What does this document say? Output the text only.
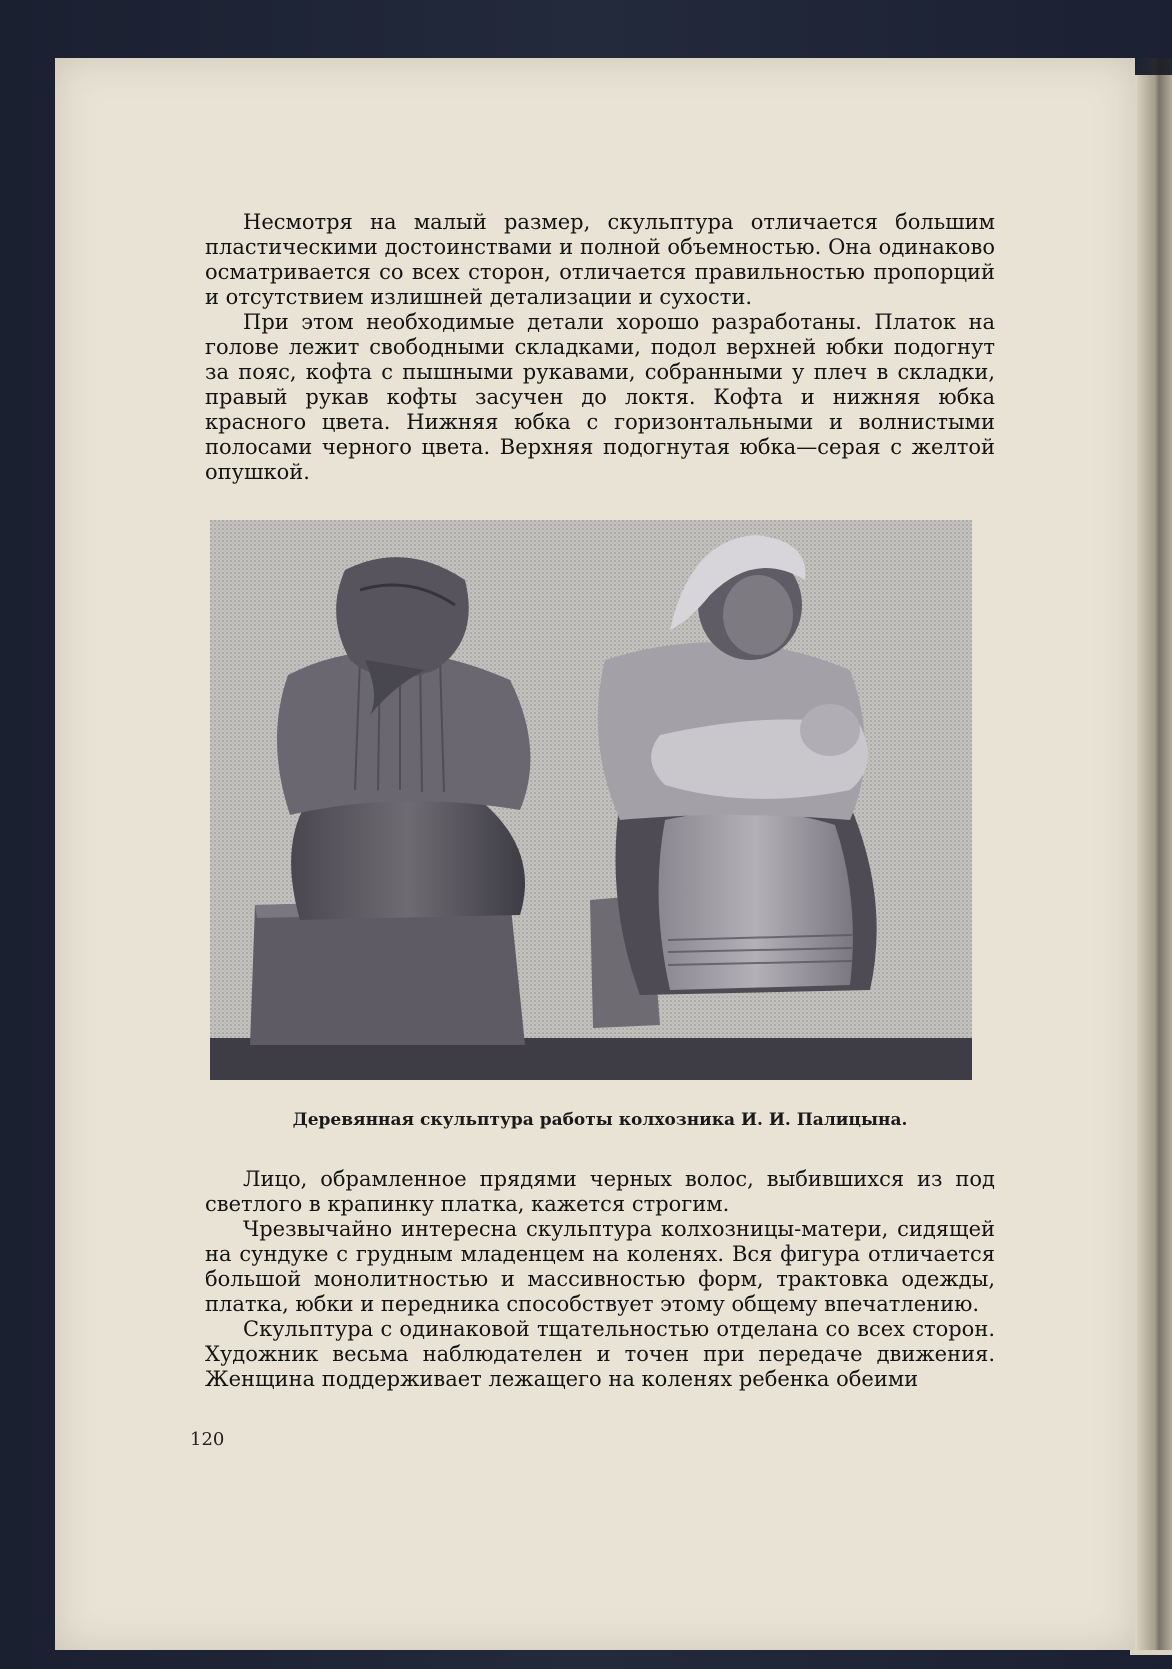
Несмотря на малый размер, скульптура отличается большим пластическими достоинствами и полной объемностью. Она одинаково осматривается со всех сторон, отличается правильностью пропорций и отсутствием излишней детализации и сухости.

При этом необходимые детали хорошо разработаны. Платок на голове лежит свободными складками, подол верхней юбки подогнут за пояс, кофта с пышными рукавами, собранными у плеч в складки, правый рукав кофты засучен до локтя. Кофта и нижняя юбка красного цвета. Нижняя юбка с горизонтальными и волнистыми полосами черного цвета. Верхняя подогнутая юбка—серая с желтой опушкой.

Деревянная скульптура работы колхозника И. И. Палицына.

Лицо, обрамленное прядями черных волос, выбившихся из под светлого в крапинку платка, кажется строгим.

Чрезвычайно интересна скульптура колхозницы-матери, сидящей на сундуке с грудным младенцем на коленях. Вся фигура отличается большой монолитностью и массивностью форм, трактовка одежды, платка, юбки и передника способствует этому общему впечатлению.

Скульптура с одинаковой тщательностью отделана со всех сторон. Художник весьма наблюдателен и точен при передаче движения. Женщина поддерживает лежащего на коленях ребенка обеими

120
